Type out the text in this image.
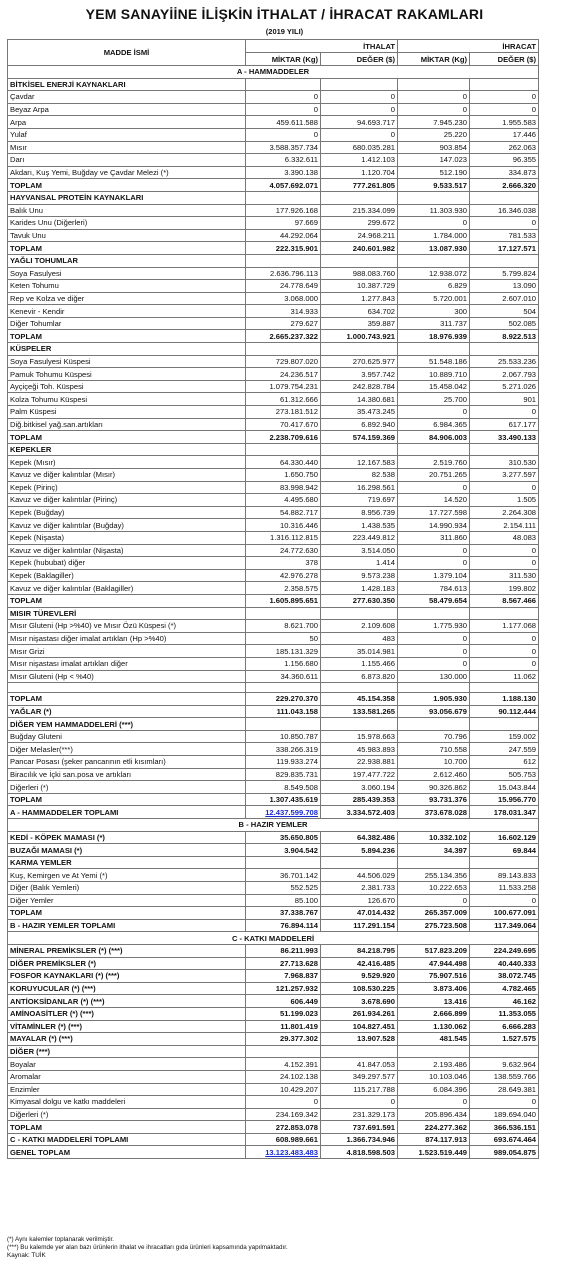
YEM SANAYİİNE İLİŞKİN İTHALAT / İHRACAT RAKAMLARI
(2019 YILI)
MADDE İSMİ	İTHALAT		İHRACAT	
	MİKTAR (Kg)	DEĞER ($)	MİKTAR (Kg)	DEĞER ($)
A - HAMMADDELER				
BİTKİSEL ENERJİ KAYNAKLARI				
Çavdar	0	0	0	0
Beyaz Arpa	0	0	0	0
Arpa	459.611.588	94.693.717	7.945.230	1.955.583
Yulaf	0	0	25.220	17.446
Mısır	3.588.357.734	680.035.281	903.854	262.063
Darı	6.332.611	1.412.103	147.023	96.355
Akdarı, Kuş Yemi, Buğday ve Çavdar Melezi (*)	3.390.138	1.120.704	512.190	334.873
TOPLAM	4.057.692.071	777.261.805	9.533.517	2.666.320
HAYVANSAL PROTEİN KAYNAKLARI				
Balık Unu	177.926.168	215.334.099	11.303.930	16.346.038
Karides Unu (Diğerleri)	97.669	299.672	0	0
Tavuk Unu	44.292.064	24.968.211	1.784.000	781.533
TOPLAM	222.315.901	240.601.982	13.087.930	17.127.571
YAĞLI TOHUMLAR				
Soya Fasulyesi	2.636.796.113	988.083.760	12.938.072	5.799.824
Keten Tohumu	24.778.649	10.387.729	6.829	13.090
Rep ve Kolza ve diğer	3.068.000	1.277.843	5.720.001	2.607.010
Kenevir - Kendir	314.933	634.702	300	504
Diğer Tohumlar	279.627	359.887	311.737	502.085
TOPLAM	2.665.237.322	1.000.743.921	18.976.939	8.922.513
KÜSPELER				
Soya Fasulyesi Küspesi	729.807.020	270.625.977	51.548.186	25.533.236
Pamuk Tohumu Küspesi	24.236.517	3.957.742	10.889.710	2.067.793
Ayçiçeği Toh. Küspesi	1.079.754.231	242.828.784	15.458.042	5.271.026
Kolza Tohumu Küspesi	61.312.666	14.380.681	25.700	901
Palm Küspesi	273.181.512	35.473.245	0	0
Diğ.bitkisel yağ.san.artıkları	70.417.670	6.892.940	6.984.365	617.177
TOPLAM	2.238.709.616	574.159.369	84.906.003	33.490.133
KEPEKLER				
Kepek (Mısır)	64.330.440	12.167.583	2.519.760	310.530
Kavuz ve diğer kalıntılar (Mısır)	1.650.750	82.538	20.751.265	3.277.597
Kepek (Pirinç)	83.998.942	16.298.561	0	0
Kavuz ve diğer kalıntılar (Pirinç)	4.495.680	719.697	14.520	1.505
Kepek (Buğday)	54.882.717	8.956.739	17.727.598	2.264.308
Kavuz ve diğer kalıntılar (Buğday)	10.316.446	1.438.535	14.990.934	2.154.111
Kepek (Nişasta)	1.316.112.815	223.449.812	311.860	48.083
Kavuz ve diğer kalıntılar (Nişasta)	24.772.630	3.514.050	0	0
Kepek (hububat) diğer	378	1.414	0	0
Kepek (Baklagiller)	42.976.278	9.573.238	1.379.104	311.530
Kavuz ve diğer kalıntılar (Baklagiller)	2.358.575	1.428.183	784.613	199.802
TOPLAM	1.605.895.651	277.630.350	58.479.654	8.567.466
MISIR TÜREVLERİ				
Mısır Gluteni (Hp >%40) ve Mısır Özü Küspesi (*)	8.621.700	2.109.608	1.775.930	1.177.068
Mısır nişastası diğer imalat artıkları (Hp >%40)	50	483	0	0
Mısır Grizi	185.131.329	35.014.981	0	0
Mısır nişastası imalat artıkları diğer	1.156.680	1.155.466	0	0
Mısır Gluteni (Hp < %40)	34.360.611	6.873.820	130.000	11.062

TOPLAM	229.270.370	45.154.358	1.905.930	1.188.130
YAĞLAR (*)	111.043.158	133.581.265	93.056.679	90.112.444
DİĞER YEM HAMMADDELERİ (***)				
Buğday Gluteni	10.850.787	15.978.663	70.796	159.002
Diğer Melasler(***)	338.266.319	45.983.893	710.558	247.559
Pancar Posası (şeker pancarının etli kısımları)	119.933.274	22.938.881	10.700	612
Biracılık ve İçki san.posa ve artıkları	829.835.731	197.477.722	2.612.460	505.753
Diğerleri (*)	8.549.508	3.060.194	90.326.862	15.043.844
TOPLAM	1.307.435.619	285.439.353	93.731.376	15.956.770
A - HAMMADDELER TOPLAMI	12.437.599.708	3.334.572.403	373.678.028	178.031.347
B - HAZIR YEMLER				
KEDİ - KÖPEK MAMASI (*)	35.650.805	64.382.486	10.332.102	16.602.129
BUZAĞI MAMASI (*)	3.904.542	5.894.236	34.397	69.844
KARMA YEMLER				
Kuş, Kemirgen ve At Yemi (*)	36.701.142	44.506.029	255.134.356	89.143.833
Diğer (Balık Yemleri)	552.525	2.381.733	10.222.653	11.533.258
Diğer Yemler	85.100	126.670	0	0
TOPLAM	37.338.767	47.014.432	265.357.009	100.677.091
B - HAZIR YEMLER TOPLAMI	76.894.114	117.291.154	275.723.508	117.349.064
C - KATKI MADDELERİ				
MİNERAL PREMİKSLER (*) (***)	86.211.993	84.218.795	517.823.209	224.249.695
DİĞER PREMİKSLER (*)	27.713.628	42.416.485	47.944.498	40.440.333
FOSFOR KAYNAKLARI (*) (***)	7.968.837	9.529.920	75.907.516	38.072.745
KORUYUCULAR (*) (***)	121.257.932	108.530.225	3.873.406	4.782.465
ANTİOKSİDANLAR (*) (***)	606.449	3.678.690	13.416	46.162
AMİNOASİTLER (*) (***)	51.199.023	261.934.261	2.666.899	11.353.055
VİTAMİNLER (*) (***)	11.801.419	104.827.451	1.130.062	6.666.283
MAYALAR (*) (***)	29.377.302	13.907.528	481.545	1.527.575
DİĞER (***)				
Boyalar	4.152.391	41.847.053	2.193.486	9.632.964
Aromalar	24.102.138	349.297.577	10.103.046	138.559.766
Enzimler	10.429.207	115.217.788	6.084.396	28.649.381
Kimyasal dolgu ve katkı maddeleri	0	0	0	0
Diğerleri (*)	234.169.342	231.329.173	205.896.434	189.694.040
TOPLAM	272.853.078	737.691.591	224.277.362	366.536.151
C - KATKI MADDELERİ TOPLAMI	608.989.661	1.366.734.946	874.117.913	693.674.464
GENEL TOPLAM	13.123.483.483	4.818.598.503	1.523.519.449	989.054.875
(*) Aynı kalemler toplanarak verilmiştir.
(***) Bu kalemde yer alan bazı ürünlerin ithalat ve ihracatları gıda ürünleri kapsamında yapılmaktadır.
Kaynak: TUİK
